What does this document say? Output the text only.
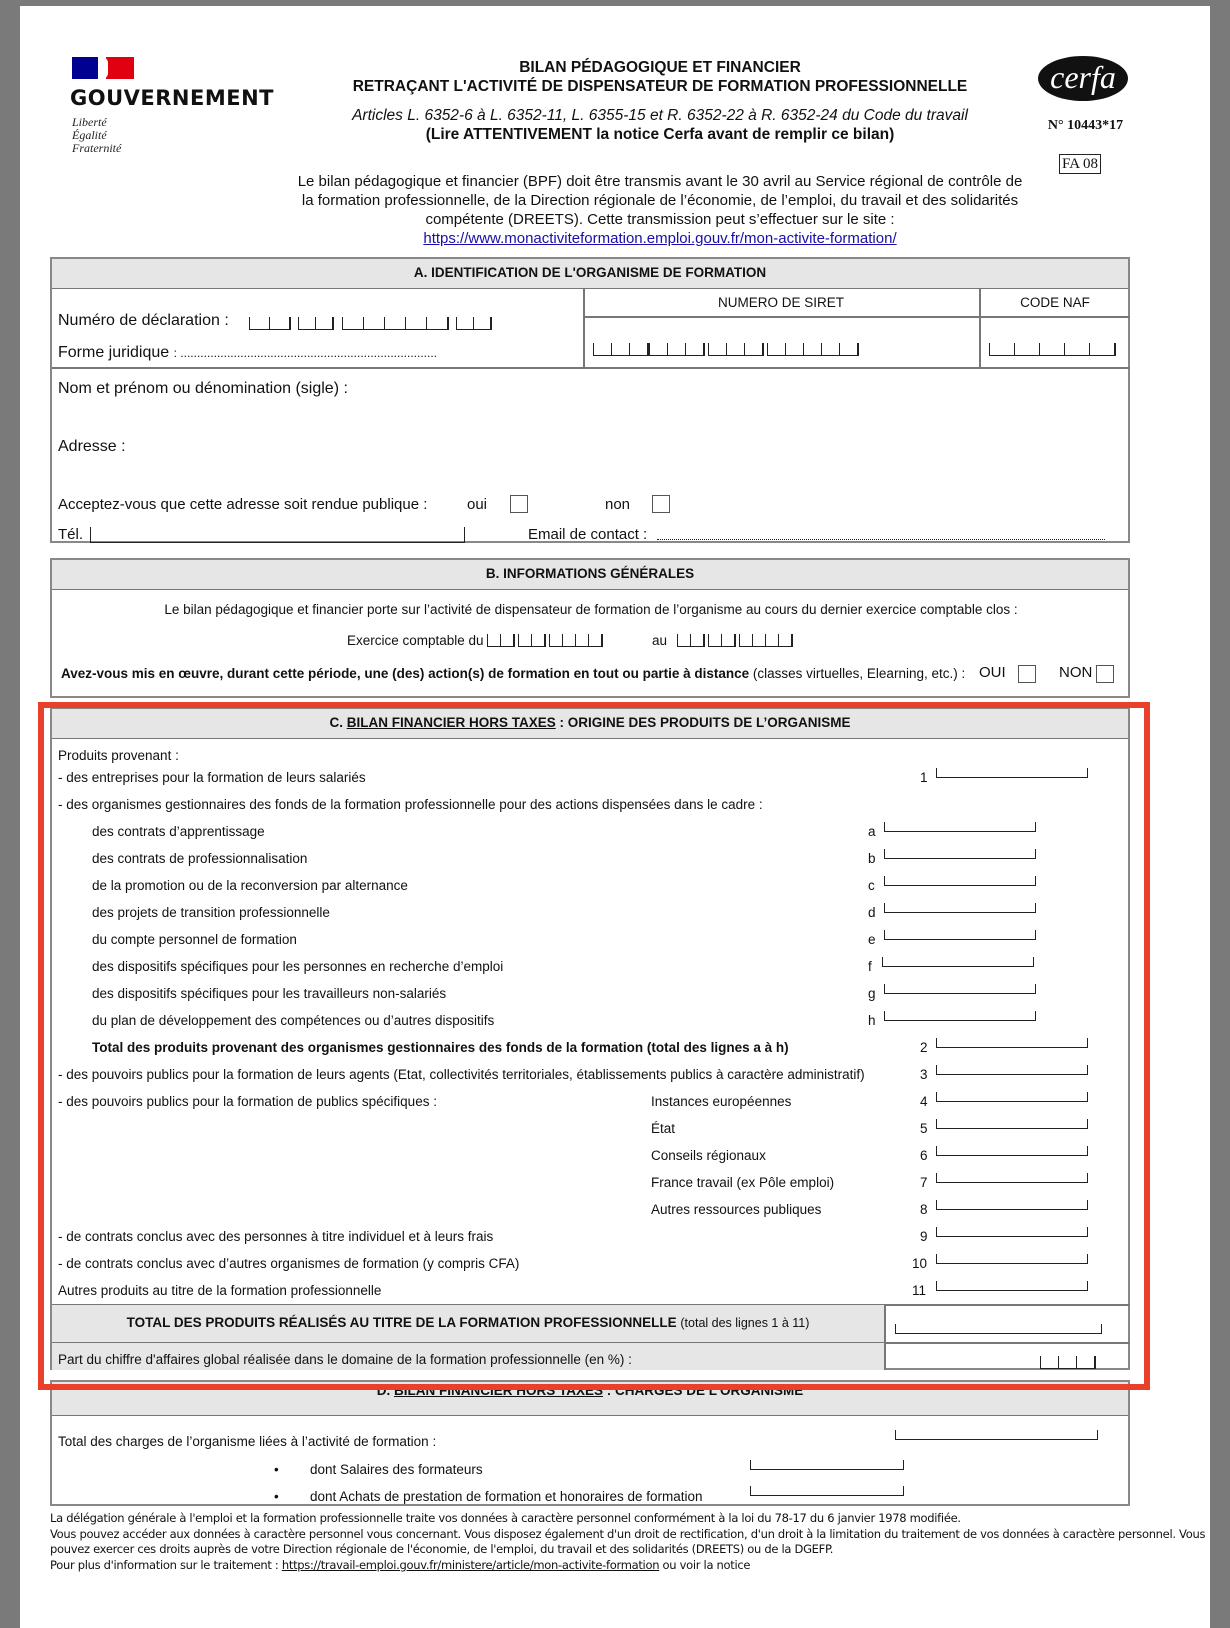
GOUVERNEMENT
Liberté
Égalité
Fraternité
BILAN PÉDAGOGIQUE ET FINANCIER
RETRAÇANT L'ACTIVITÉ DE DISPENSATEUR DE FORMATION PROFESSIONNELLE
Articles L. 6352-6 à L. 6352-11, L. 6355-15 et R. 6352-22 à R. 6352-24 du Code du travail
(Lire ATTENTIVEMENT la notice Cerfa avant de remplir ce bilan)
cerfa
N° 10443*17
FA 08
Le bilan pédagogique et financier (BPF) doit être transmis avant le 30 avril au Service régional de contrôle de la formation professionnelle, de la Direction régionale de l’économie, de l’emploi, du travail et des solidarités compétente (DREETS). Cette transmission peut s’effectuer sur le site :
https://www.monactiviteformation.emploi.gouv.fr/mon-activite-formation/
A. IDENTIFICATION DE L'ORGANISME DE FORMATION
Numéro de déclaration :

Forme juridique : .............................................................................
NUMERO DE SIRET	CODE NAF
Nom et prénom ou dénomination (sigle) :
Adresse :
Acceptez-vous que cette adresse soit rendue publique :	oui	non
Tél.	Email de contact :
B. INFORMATIONS GÉNÉRALES
Le bilan pédagogique et financier porte sur l’activité de dispensateur de formation de l’organisme au cours du dernier exercice comptable clos :
Exercice comptable du	au
Avez-vous mis en œuvre, durant cette période, une (des) action(s) de formation en tout ou partie à distance (classes virtuelles, Elearning, etc.) : OUI	NON
C. BILAN FINANCIER HORS TAXES : ORIGINE DES PRODUITS DE L’ORGANISME
Produits provenant :
- des entreprises pour la formation de leurs salariés	1
- des organismes gestionnaires des fonds de la formation professionnelle pour des actions dispensées dans le cadre :
des contrats d’apprentissage	a
des contrats de professionnalisation	b
de la promotion ou de la reconversion par alternance	c
des projets de transition professionnelle	d
du compte personnel de formation	e
des dispositifs spécifiques pour les personnes en recherche d’emploi	f
des dispositifs spécifiques pour les travailleurs non-salariés	g
du plan de développement des compétences ou d’autres dispositifs	h
Total des produits provenant des organismes gestionnaires des fonds de la formation (total des lignes a à h)	2
- des pouvoirs publics pour la formation de leurs agents (Etat, collectivités territoriales, établissements publics à caractère administratif)	3
- des pouvoirs publics pour la formation de publics spécifiques :	Instances européennes	4
État	5
Conseils régionaux	6
France travail (ex Pôle emploi)	7
Autres ressources publiques	8
- de contrats conclus avec des personnes à titre individuel et à leurs frais	9
- de contrats conclus avec d’autres organismes de formation (y compris CFA)	10
Autres produits au titre de la formation professionnelle	11
TOTAL DES PRODUITS RÉALISÉS AU TITRE DE LA FORMATION PROFESSIONNELLE (total des lignes 1 à 11)
Part du chiffre d'affaires global réalisée dans le domaine de la formation professionnelle (en %) :
D. BILAN FINANCIER HORS TAXES : CHARGES DE L’ORGANISME
Total des charges de l’organisme liées à l’activité de formation :
• dont Salaires des formateurs
• dont Achats de prestation de formation et honoraires de formation
La délégation générale à l'emploi et la formation professionnelle traite vos données à caractère personnel conformément à la loi du 78-17 du 6 janvier 1978 modifiée.
Vous pouvez accéder aux données à caractère personnel vous concernant. Vous disposez également d'un droit de rectification, d'un droit à la limitation du traitement de vos données à caractère personnel. Vous
pouvez exercer ces droits auprès de votre Direction régionale de l'économie, de l'emploi, du travail et des solidarités (DREETS) ou de la DGEFP.
Pour plus d'information sur le traitement : https://travail-emploi.gouv.fr/ministere/article/mon-activite-formation ou voir la notice
